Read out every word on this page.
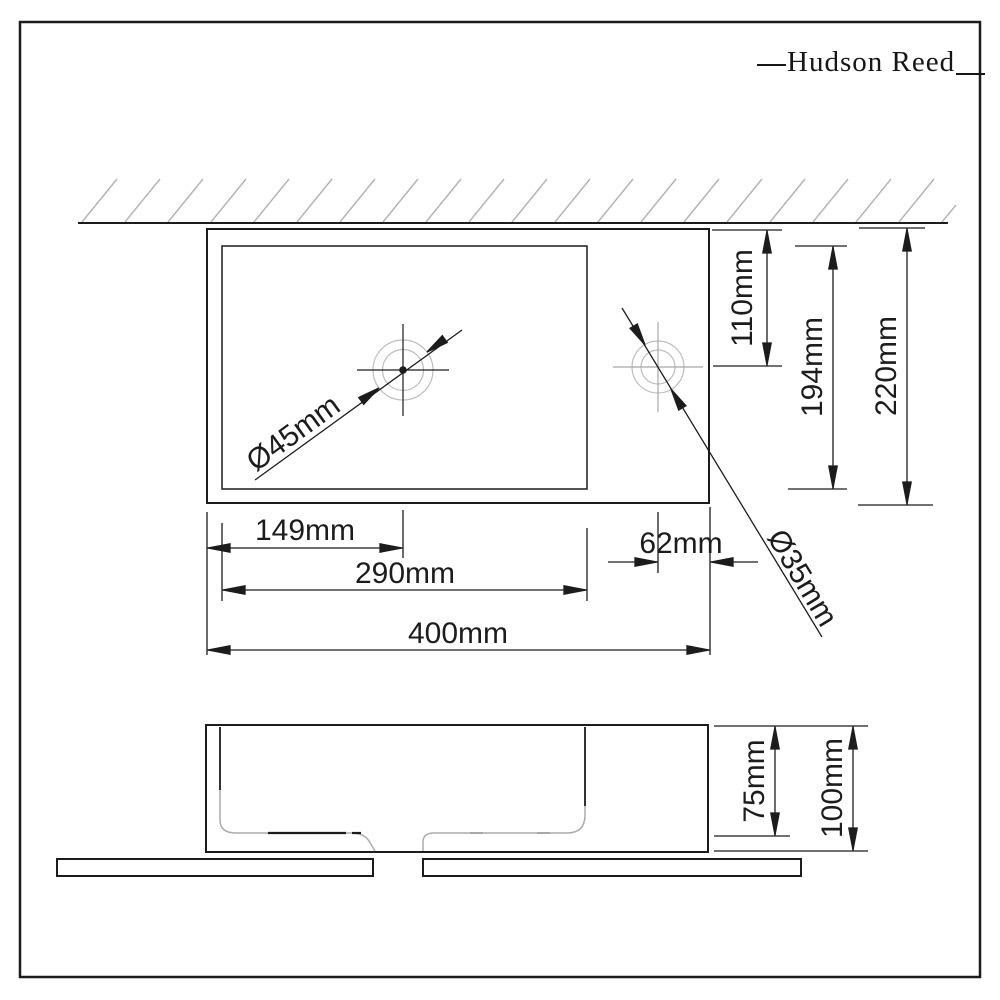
149mm
290mm
400mm
62mm
110mm
194mm 220mm
75mm 100mm
Ø45mm
Ø35mm
Hudson Reed
